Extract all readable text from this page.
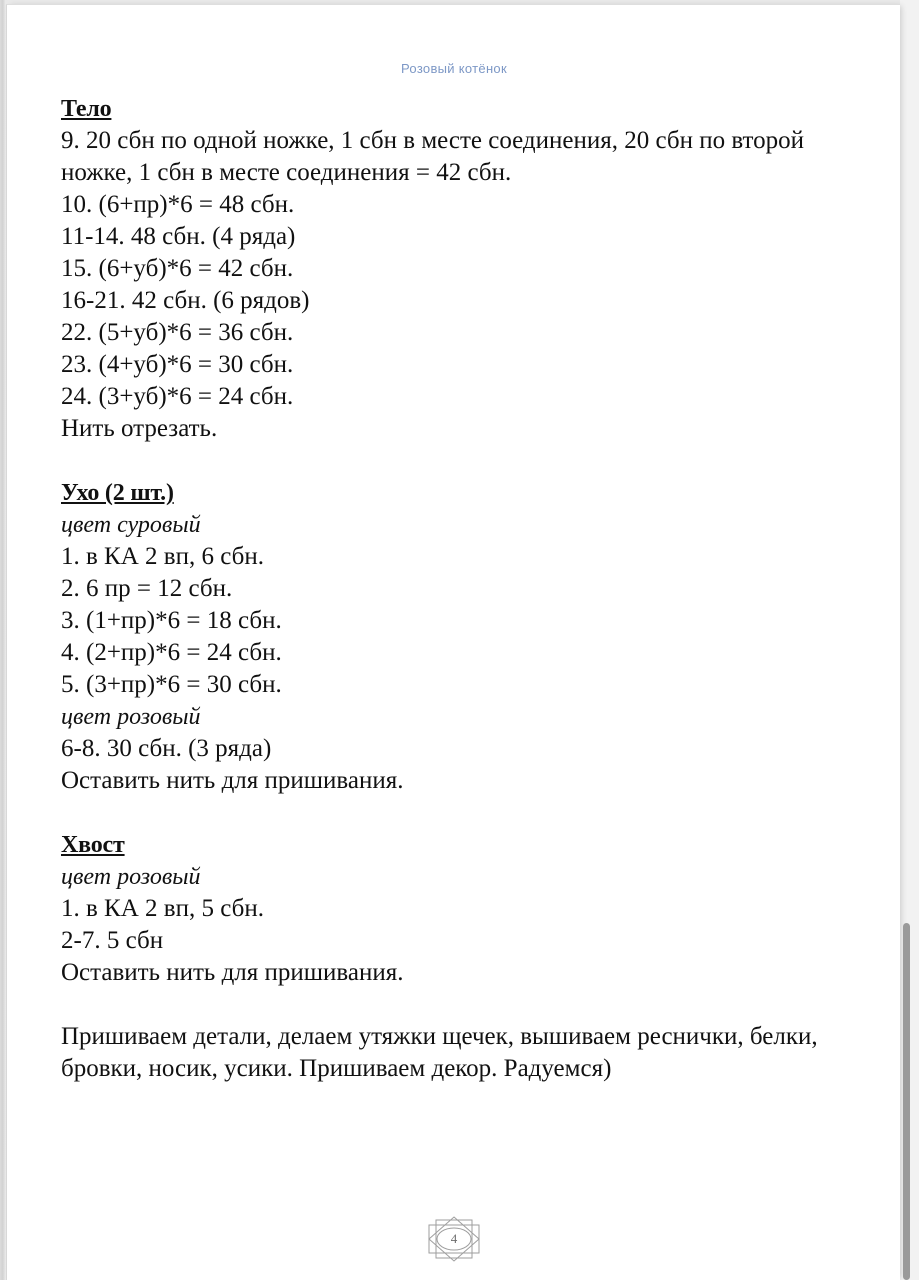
Розовый котёнок
Тело
9. 20 сбн по одной ножке, 1 сбн в месте соединения, 20 сбн по второй ножке, 1 сбн в месте соединения = 42 сбн.
10. (6+пр)*6 = 48 сбн.
11-14. 48 сбн. (4 ряда)
15. (6+уб)*6 = 42 сбн.
16-21. 42 сбн. (6 рядов)
22. (5+уб)*6 = 36 сбн.
23. (4+уб)*6 = 30 сбн.
24. (3+уб)*6 = 24 сбн.
Нить отрезать.
Ухо (2 шт.)
цвет суровый
1. в КА 2 вп, 6 сбн.
2. 6 пр = 12 сбн.
3. (1+пр)*6 = 18 сбн.
4. (2+пр)*6 = 24 сбн.
5. (3+пр)*6 = 30 сбн.
цвет розовый
6-8. 30 сбн. (3 ряда)
Оставить нить для пришивания.
Хвост
цвет розовый
1. в КА 2 вп, 5 сбн.
2-7. 5 сбн
Оставить нить для пришивания.
Пришиваем детали, делаем утяжки щечек, вышиваем реснички, белки, бровки, носик, усики. Пришиваем декор. Радуемся)
4
